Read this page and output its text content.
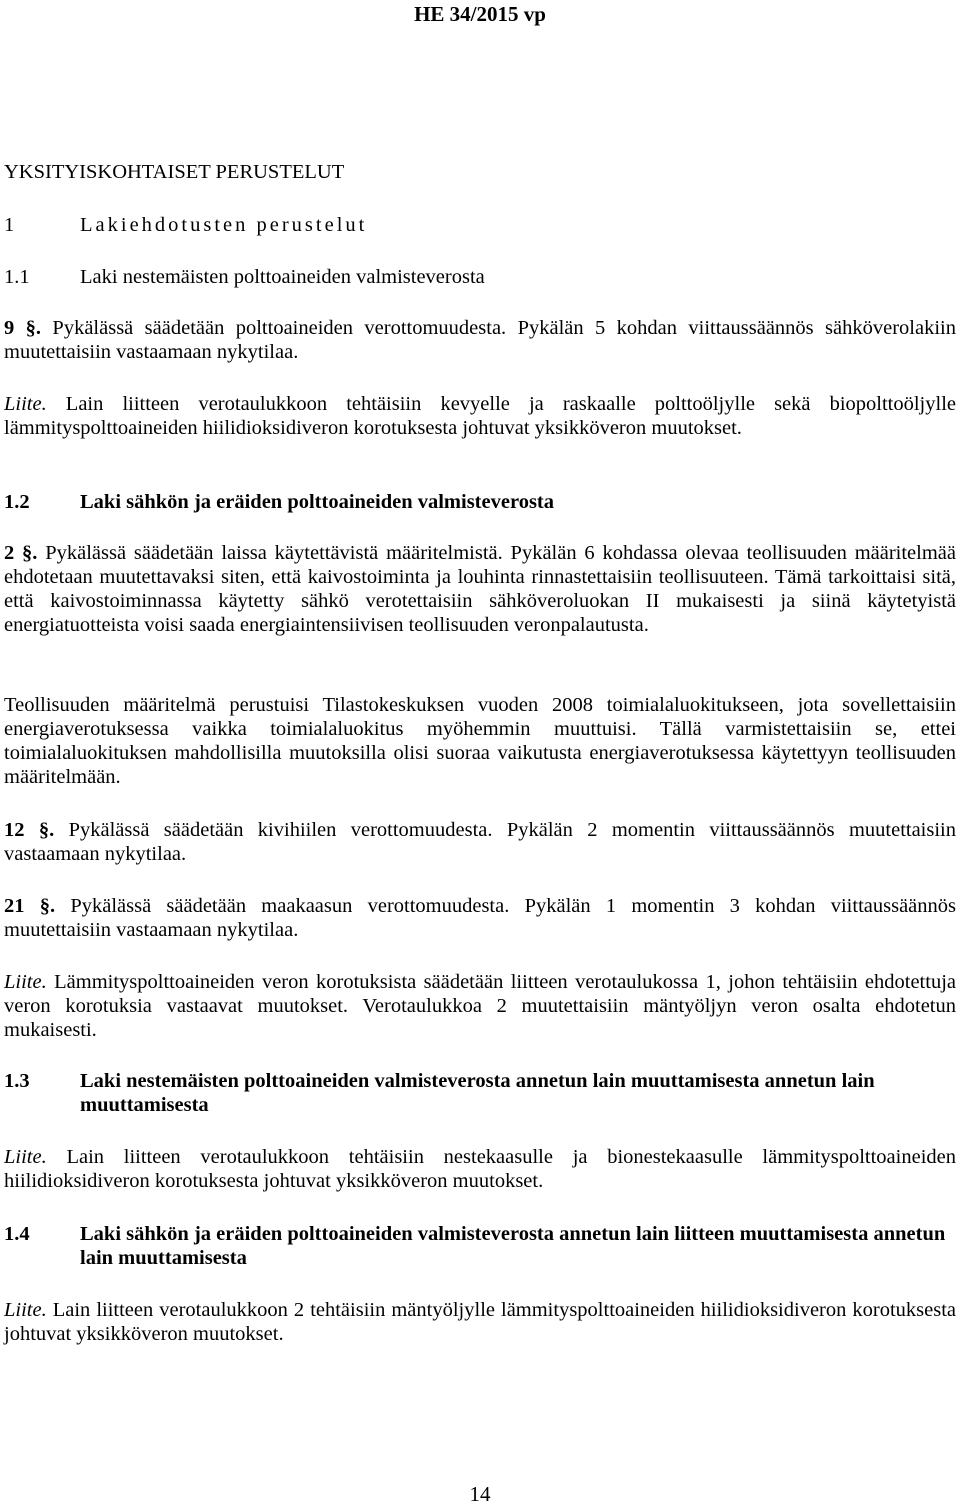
HE 34/2015 vp
YKSITYISKOHTAISET PERUSTELUT
1	Lakiehdotusten perustelut
1.1 Laki nestemäisten polttoaineiden valmisteverosta

9 §. Pykälässä säädetään polttoaineiden verottomuudesta. Pykälän 5 kohdan viittaussäännös sähköverolakiin muutettaisiin vastaamaan nykytilaa.

Liite. Lain liitteen verotaulukkoon tehtäisiin kevyelle ja raskaalle polttoöljylle sekä biopolttoöljylle lämmityspolttoaineiden hiilidioksidiveron korotuksesta johtuvat yksikköveron muutokset.

1.2 Laki sähkön ja eräiden polttoaineiden valmisteverosta

2 §. Pykälässä säädetään laissa käytettävistä määritelmistä. Pykälän 6 kohdassa olevaa teollisuuden määritelmää ehdotetaan muutettavaksi siten, että kaivostoiminta ja louhinta rinnastettaisiin teollisuuteen. Tämä tarkoittaisi sitä, että kaivostoiminnassa käytetty sähkö verotettaisiin sähköveroluokan II mukaisesti ja siinä käytetyistä energiatuotteista voisi saada energiaintensiivisen teollisuuden veronpalautusta.

Teollisuuden määritelmä perustuisi Tilastokeskuksen vuoden 2008 toimialaluokitukseen, jota sovellettaisiin energiaverotuksessa vaikka toimialaluokitus myöhemmin muuttuisi. Tällä varmistettaisiin se, ettei toimialaluokituksen mahdollisilla muutoksilla olisi suoraa vaikutusta energiaverotuksessa käytettyyn teollisuuden määritelmään.

12 §. Pykälässä säädetään kivihiilen verottomuudesta. Pykälän 2 momentin viittaussäännös muutettaisiin vastaamaan nykytilaa.

21 §. Pykälässä säädetään maakaasun verottomuudesta. Pykälän 1 momentin 3 kohdan viittaussäännös muutettaisiin vastaamaan nykytilaa.

Liite. Lämmityspolttoaineiden veron korotuksista säädetään liitteen verotaulukossa 1, johon tehtäisiin ehdotettuja veron korotuksia vastaavat muutokset. Verotaulukkoa 2 muutettaisiin mäntyöljyn veron osalta ehdotetun mukaisesti.

1.3	Laki nestemäisten polttoaineiden valmisteverosta annetun lain muuttamisesta annetun lain muuttamisesta

Liite. Lain liitteen verotaulukkoon tehtäisiin nestekaasulle ja bionestekaasulle lämmityspolttoaineiden hiilidioksidiveron korotuksesta johtuvat yksikköveron muutokset.

1.4	Laki sähkön ja eräiden polttoaineiden valmisteverosta annetun lain liitteen muuttamisesta annetun lain muuttamisesta

Liite. Lain liitteen verotaulukkoon 2 tehtäisiin mäntyöljylle lämmityspolttoaineiden hiilidioksidiveron korotuksesta johtuvat yksikköveron muutokset.

14
